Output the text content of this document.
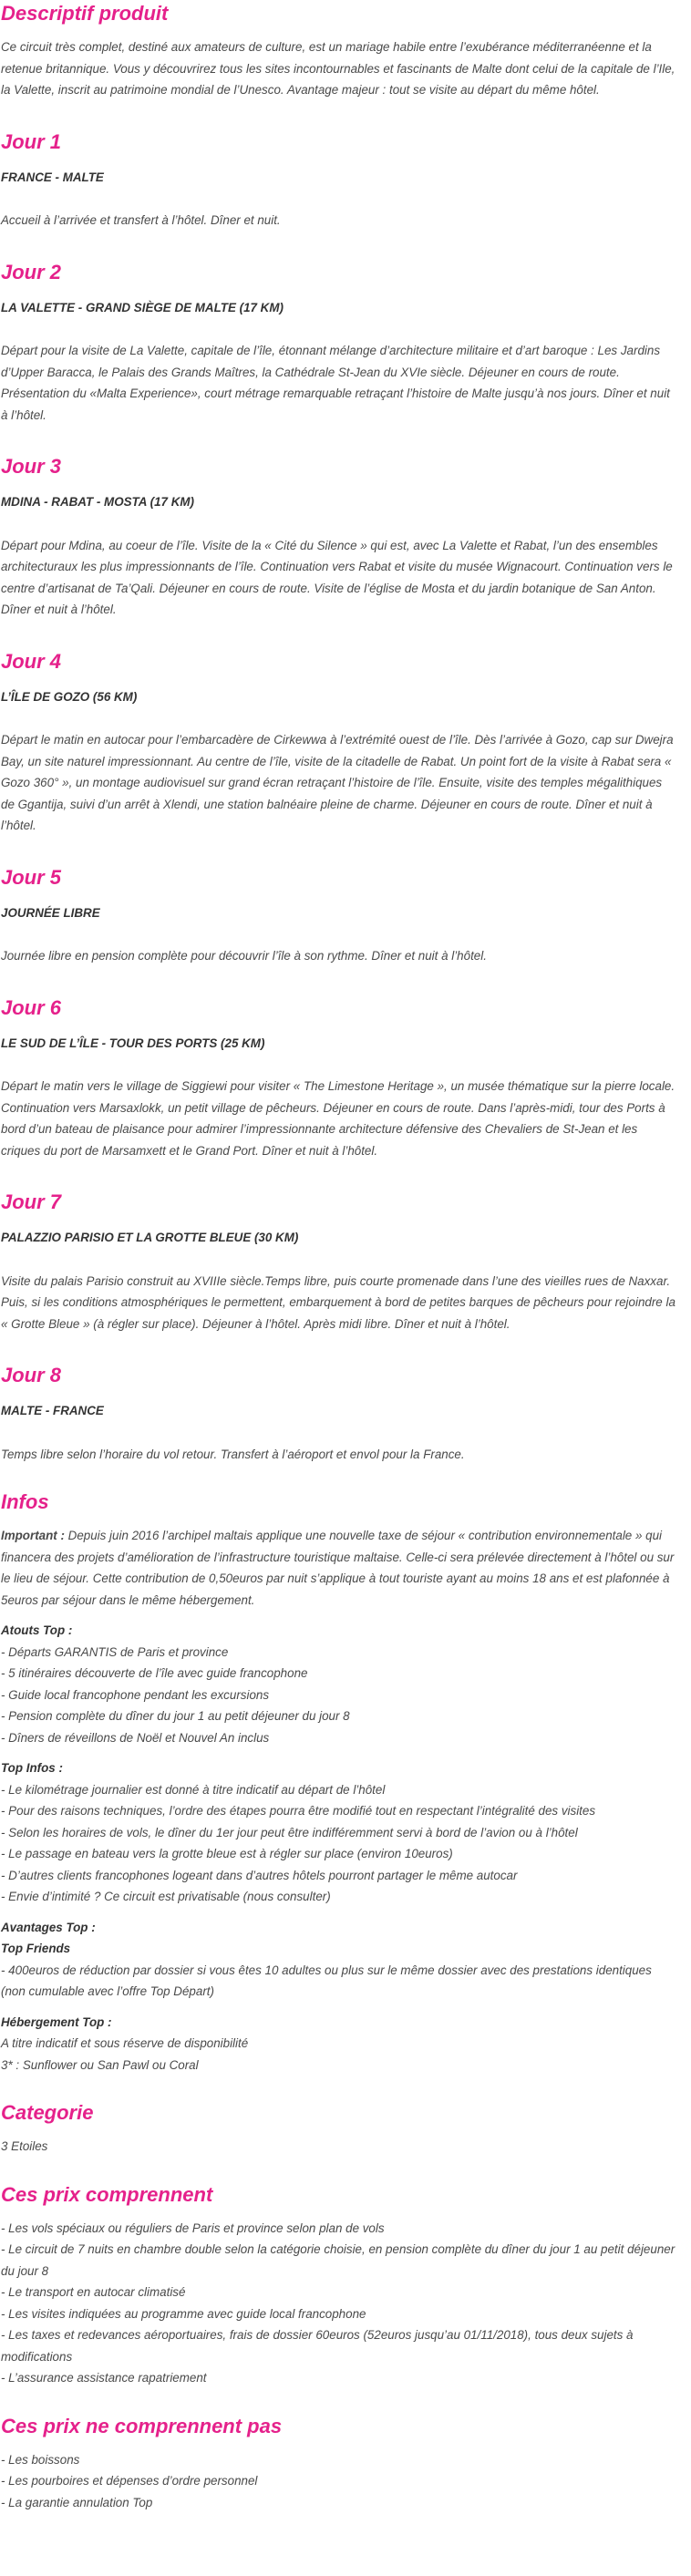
Descriptif produit

Ce circuit très complet, destiné aux amateurs de culture, est un mariage habile entre l’exubérance méditerranéenne et la retenue britannique. Vous y découvrirez tous les sites incontournables et fascinants de Malte dont celui de la capitale de l’Ile, la Valette, inscrit au patrimoine mondial de l’Unesco. Avantage majeur : tout se visite au départ du même hôtel.

Jour 1

FRANCE - MALTE

Accueil à l’arrivée et transfert à l’hôtel. Dîner et nuit.

Jour 2

LA VALETTE - GRAND SIÈGE DE MALTE (17 KM)

Départ pour la visite de La Valette, capitale de l’île, étonnant mélange d’architecture militaire et d’art baroque : Les Jardins d’Upper Baracca, le Palais des Grands Maîtres, la Cathédrale St-Jean du XVIe siècle. Déjeuner en cours de route. Présentation du «Malta Experience», court métrage remarquable retraçant l’histoire de Malte jusqu’à nos jours. Dîner et nuit à l’hôtel.

Jour 3

MDINA - RABAT - MOSTA (17 KM)

Départ pour Mdina, au coeur de l’île. Visite de la « Cité du Silence » qui est, avec La Valette et Rabat, l’un des ensembles architecturaux les plus impressionnants de l’île. Continuation vers Rabat et visite du musée Wignacourt. Continuation vers le centre d’artisanat de Ta’Qali. Déjeuner en cours de route. Visite de l’église de Mosta et du jardin botanique de San Anton. Dîner et nuit à l’hôtel.

Jour 4

L’ÎLE DE GOZO (56 KM)

Départ le matin en autocar pour l’embarcadère de Cirkewwa à l’extrémité ouest de l’île. Dès l’arrivée à Gozo, cap sur Dwejra Bay, un site naturel impressionnant. Au centre de l’île, visite de la citadelle de Rabat. Un point fort de la visite à Rabat sera « Gozo 360° », un montage audiovisuel sur grand écran retraçant l’histoire de l’île. Ensuite, visite des temples mégalithiques de Ggantija, suivi d’un arrêt à Xlendi, une station balnéaire pleine de charme. Déjeuner en cours de route. Dîner et nuit à l’hôtel.

Jour 5

JOURNÉE LIBRE

Journée libre en pension complète pour découvrir l’île à son rythme. Dîner et nuit à l’hôtel.

Jour 6

LE SUD DE L’ÎLE - TOUR DES PORTS (25 KM)

Départ le matin vers le village de Siggiewi pour visiter « The Limestone Heritage », un musée thématique sur la pierre locale. Continuation vers Marsaxlokk, un petit village de pêcheurs. Déjeuner en cours de route. Dans l’après-midi, tour des Ports à bord d’un bateau de plaisance pour admirer l’impressionnante architecture défensive des Chevaliers de St-Jean et les criques du port de Marsamxett et le Grand Port. Dîner et nuit à l’hôtel.

Jour 7

PALAZZIO PARISIO ET LA GROTTE BLEUE (30 KM)

Visite du palais Parisio construit au XVIIIe siècle.Temps libre, puis courte promenade dans l’une des vieilles rues de Naxxar. Puis, si les conditions atmosphériques le permettent, embarquement à bord de petites barques de pêcheurs pour rejoindre la « Grotte Bleue » (à régler sur place). Déjeuner à l’hôtel. Après midi libre. Dîner et nuit à l’hôtel.

Jour 8

MALTE - FRANCE

Temps libre selon l’horaire du vol retour. Transfert à l’aéroport et envol pour la France.

Infos

Important : Depuis juin 2016 l’archipel maltais applique une nouvelle taxe de séjour « contribution environnementale » qui financera des projets d’amélioration de l’infrastructure touristique maltaise. Celle-ci sera prélevée directement à l’hôtel ou sur le lieu de séjour. Cette contribution de 0,50euros par nuit s’applique à tout touriste ayant au moins 18 ans et est plafonnée à 5euros par séjour dans le même hébergement.

Atouts Top :
- Départs GARANTIS de Paris et province
- 5 itinéraires découverte de l’île avec guide francophone
- Guide local francophone pendant les excursions
- Pension complète du dîner du jour 1 au petit déjeuner du jour 8
- Dîners de réveillons de Noël et Nouvel An inclus
Top Infos :
- Le kilométrage journalier est donné à titre indicatif au départ de l’hôtel
- Pour des raisons techniques, l’ordre des étapes pourra être modifié tout en respectant l’intégralité des visites
- Selon les horaires de vols, le dîner du 1er jour peut être indifféremment servi à bord de l’avion ou à l’hôtel
- Le passage en bateau vers la grotte bleue est à régler sur place (environ 10euros)
- D’autres clients francophones logeant dans d’autres hôtels pourront partager le même autocar
- Envie d’intimité ? Ce circuit est privatisable (nous consulter)
Avantages Top :
Top Friends
- 400euros de réduction par dossier si vous êtes 10 adultes ou plus sur le même dossier avec des prestations identiques (non cumulable avec l’offre Top Départ)
Hébergement Top :
A titre indicatif et sous réserve de disponibilité
3* : Sunflower ou San Pawl ou Coral
Categorie

3 Etoiles

Ces prix comprennent
- Les vols spéciaux ou réguliers de Paris et province selon plan de vols
- Le circuit de 7 nuits en chambre double selon la catégorie choisie, en pension complète du dîner du jour 1 au petit déjeuner du jour 8
- Le transport en autocar climatisé
- Les visites indiquées au programme avec guide local francophone
- Les taxes et redevances aéroportuaires, frais de dossier 60euros (52euros jusqu’au 01/11/2018), tous deux sujets à modifications
- L’assurance assistance rapatriement
Ces prix ne comprennent pas
- Les boissons
- Les pourboires et dépenses d’ordre personnel
- La garantie annulation Top
